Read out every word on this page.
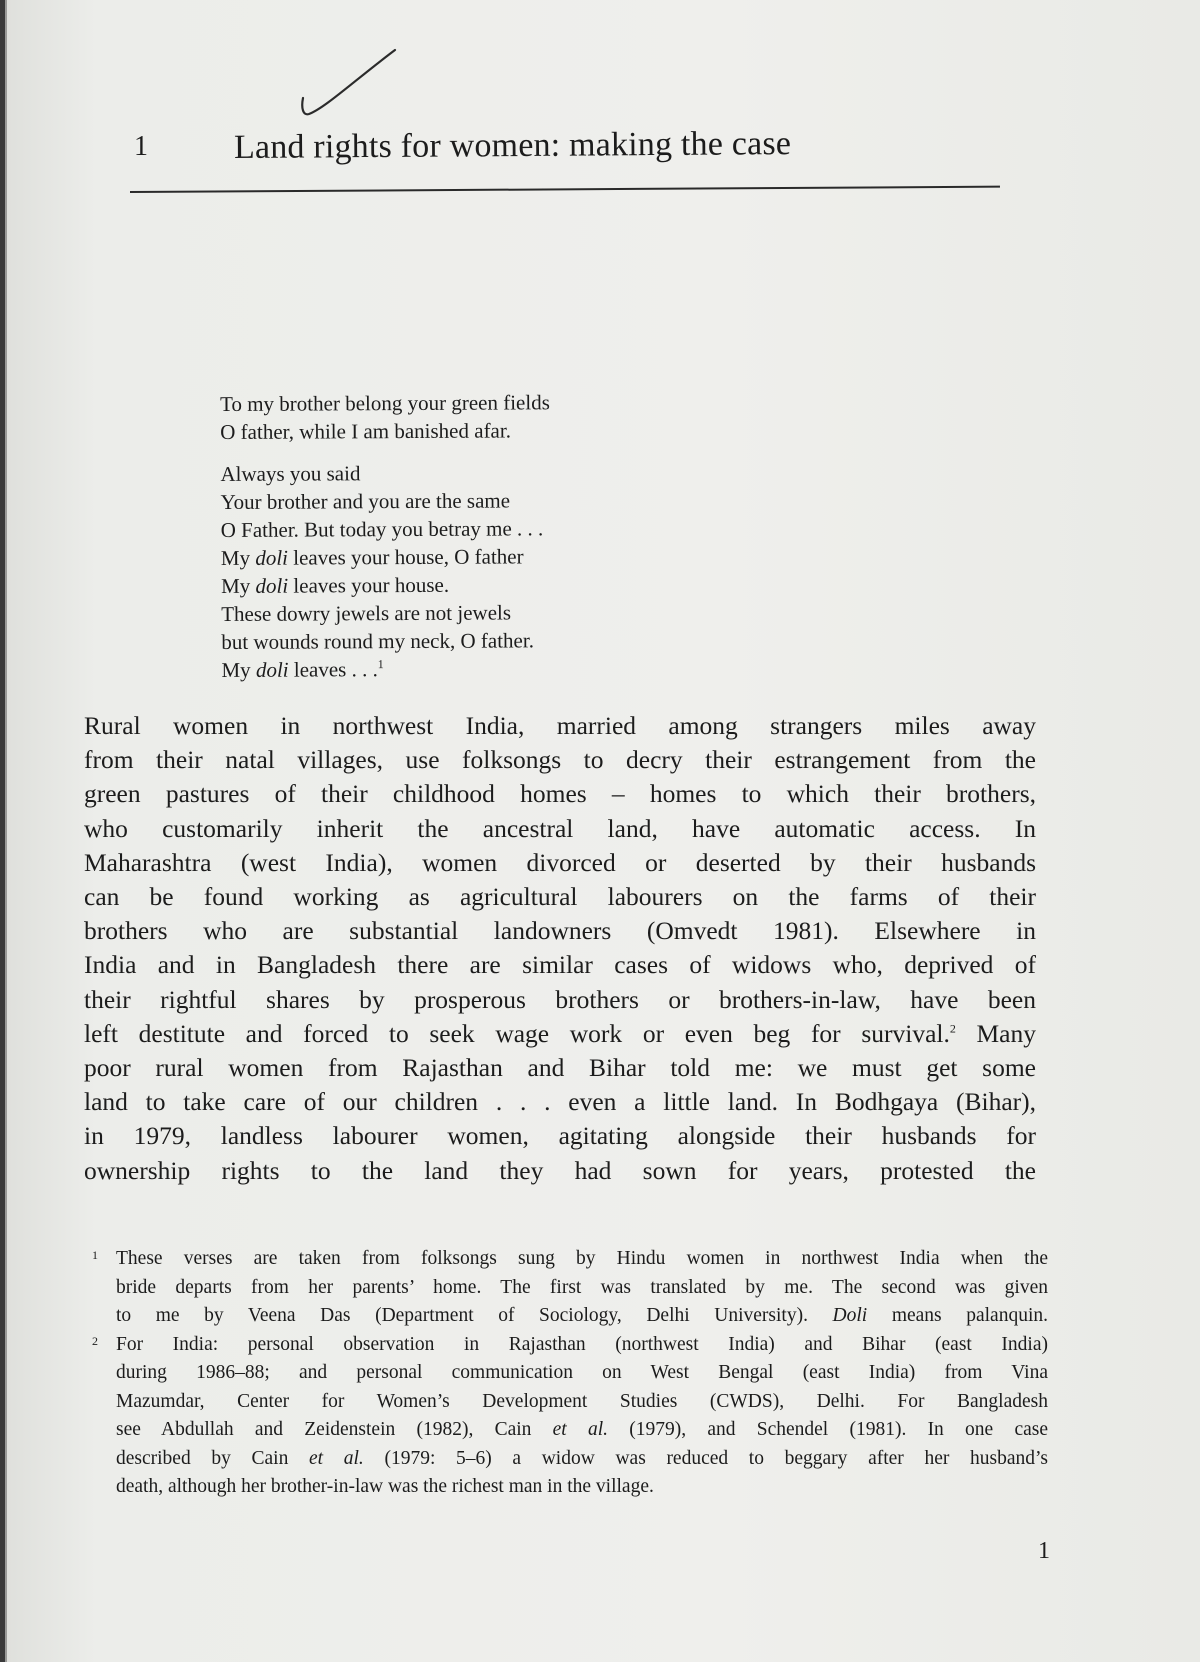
1	Land rights for women: making the case
To my brother belong your green fields
O father, while I am banished afar.
Always you said
Your brother and you are the same
O Father. But today you betray me . . .
My doli leaves your house, O father
My doli leaves your house.
These dowry jewels are not jewels
but wounds round my neck, O father.
My doli leaves . . .$^1$
Rural women in northwest India, married among strangers miles away
from their natal villages, use folksongs to decry their estrangement from the
green pastures of their childhood homes – homes to which their brothers,
who customarily inherit the ancestral land, have automatic access. In
Maharashtra (west India), women divorced or deserted by their husbands
can be found working as agricultural labourers on the farms of their
brothers who are substantial landowners (Omvedt 1981). Elsewhere in
India and in Bangladesh there are similar cases of widows who, deprived of
their rightful shares by prosperous brothers or brothers-in-law, have been
left destitute and forced to seek wage work or even beg for survival.$^2$ Many
poor rural women from Rajasthan and Bihar told me: we must get some
land to take care of our children . . . even a little land. In Bodhgaya (Bihar),
in 1979, landless labourer women, agitating alongside their husbands for
ownership rights to the land they had sown for years, protested the
1 These verses are taken from folksongs sung by Hindu women in northwest India when the
bride departs from her parents’ home. The first was translated by me. The second was given
to me by Veena Das (Department of Sociology, Delhi University). Doli means palanquin.
2 For India: personal observation in Rajasthan (northwest India) and Bihar (east India)
during 1986–88; and personal communication on West Bengal (east India) from Vina
Mazumdar, Center for Women’s Development Studies (CWDS), Delhi. For Bangladesh
see Abdullah and Zeidenstein (1982), Cain et al. (1979), and Schendel (1981). In one case
described by Cain et al. (1979: 5–6) a widow was reduced to beggary after her husband’s
death, although her brother-in-law was the richest man in the village.
1
